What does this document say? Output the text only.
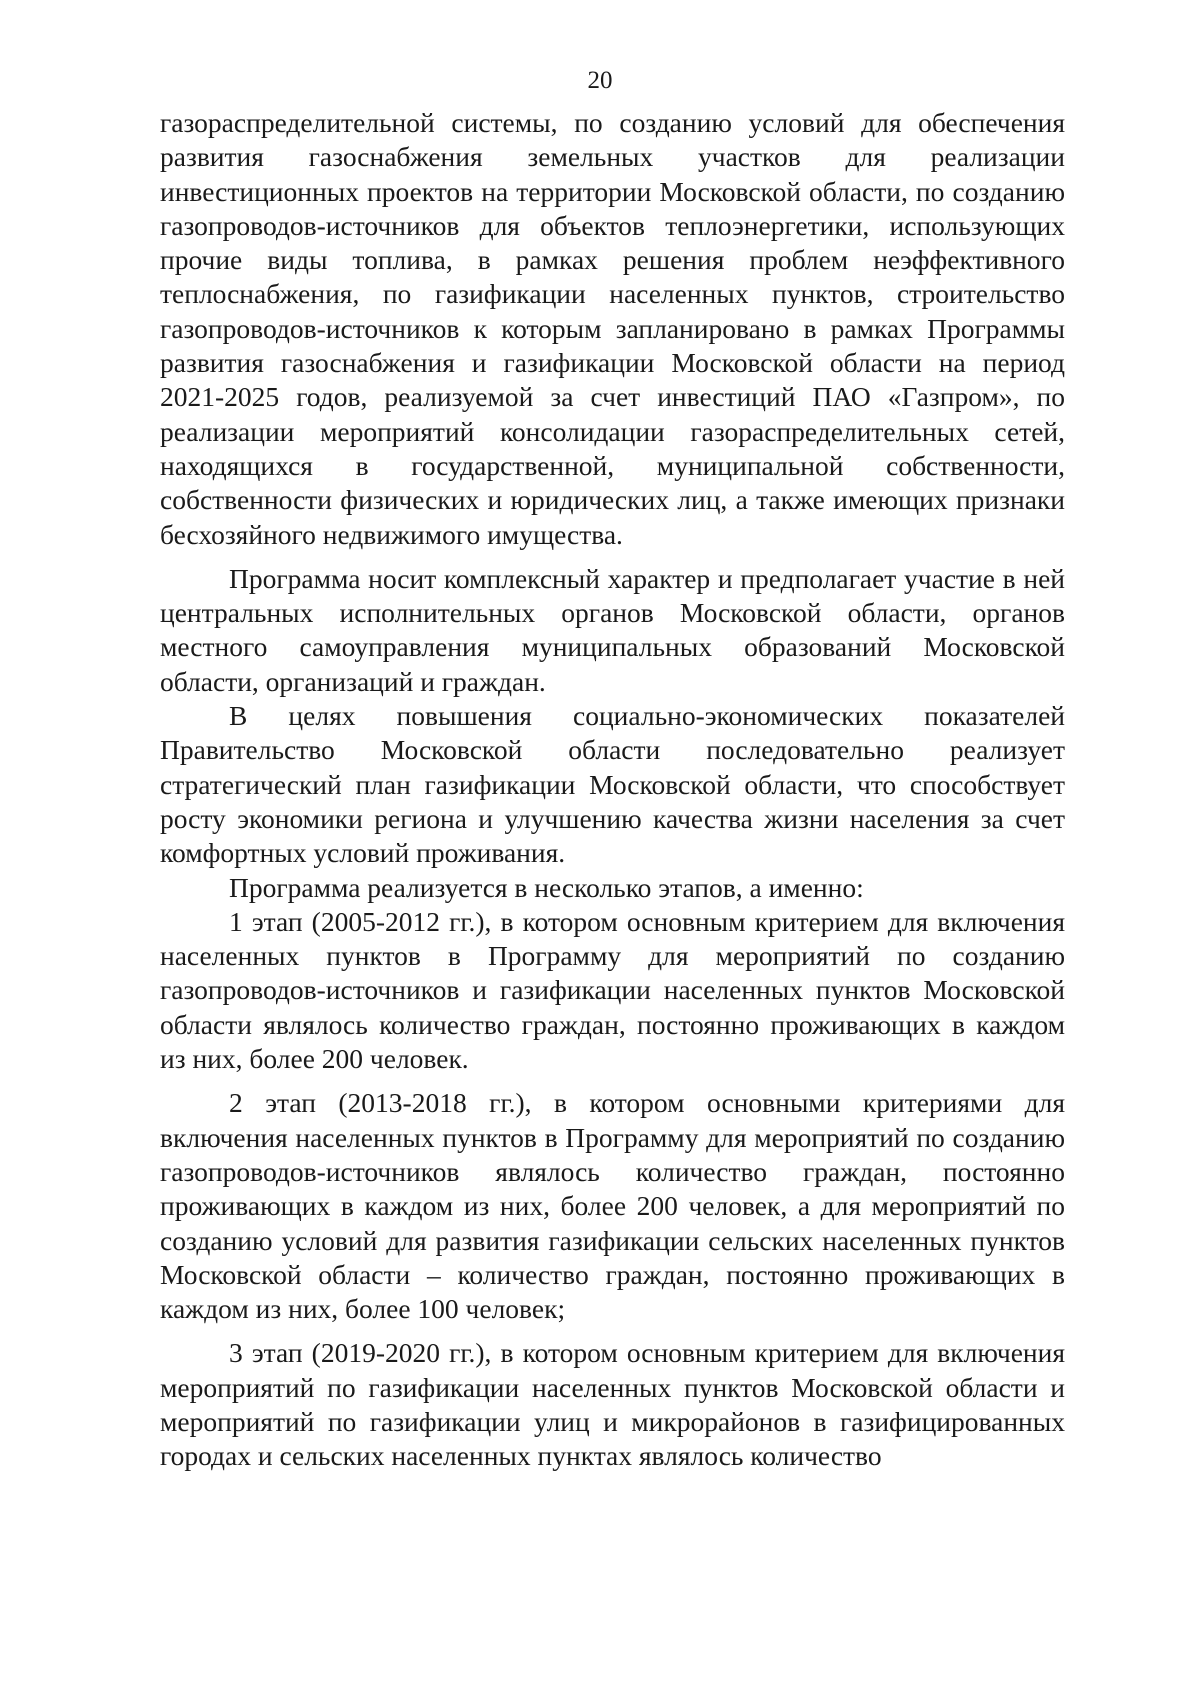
20

газораспределительной системы, по созданию условий для обеспечения развития газоснабжения земельных участков для реализации инвестиционных проектов на территории Московской области, по созданию газопроводов-источников для объектов теплоэнергетики, использующих прочие виды топлива, в рамках решения проблем неэффективного теплоснабжения, по газификации населенных пунктов, строительство газопроводов-источников к которым запланировано в рамках Программы развития газоснабжения и газификации Московской области на период 2021-2025 годов, реализуемой за счет инвестиций ПАО «Газпром», по реализации мероприятий консолидации газораспределительных сетей, находящихся в государственной, муниципальной собственности, собственности физических и юридических лиц, а также имеющих признаки бесхозяйного недвижимого имущества.

Программа носит комплексный характер и предполагает участие в ней центральных исполнительных органов Московской области, органов местного самоуправления муниципальных образований Московской области, организаций и граждан.

В целях повышения социально-экономических показателей Правительство Московской области последовательно реализует стратегический план газификации Московской области, что способствует росту экономики региона и улучшению качества жизни населения за счет комфортных условий проживания.

Программа реализуется в несколько этапов, а именно:

1 этап (2005-2012 гг.), в котором основным критерием для включения населенных пунктов в Программу для мероприятий по созданию газопроводов-источников и газификации населенных пунктов Московской области являлось количество граждан, постоянно проживающих в каждом из них, более 200 человек.

2 этап (2013-2018 гг.), в котором основными критериями для включения населенных пунктов в Программу для мероприятий по созданию газопроводов-источников являлось количество граждан, постоянно проживающих в каждом из них, более 200 человек, а для мероприятий по созданию условий для развития газификации сельских населенных пунктов Московской области – количество граждан, постоянно проживающих в каждом из них, более 100 человек;

3 этап (2019-2020 гг.), в котором основным критерием для включения мероприятий по газификации населенных пунктов Московской области и мероприятий по газификации улиц и микрорайонов в газифицированных городах и сельских населенных пунктах являлось количество
